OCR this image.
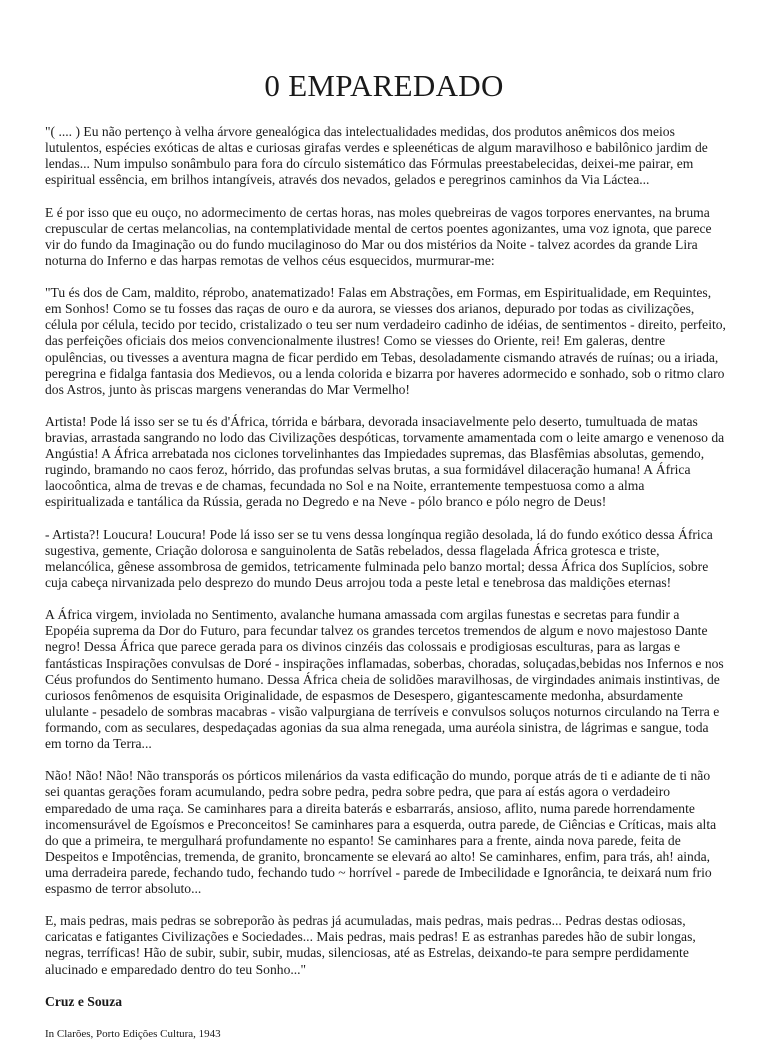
0 EMPAREDADO

"( .... ) Eu não pertenço à velha árvore genealógica das intelectualidades medidas, dos produtos anêmicos dos meios lutulentos, espécies exóticas de altas e curiosas girafas verdes e spleenéticas de algum maravilhoso e babilônico jardim de lendas... Num impulso sonâmbulo para fora do círculo sistemático das Fórmulas preestabelecidas, deixei-me pairar, em espiritual essência, em brilhos intangíveis, através dos nevados, gelados e peregrinos caminhos da Via Láctea...

E é por isso que eu ouço, no adormecimento de certas horas, nas moles quebreiras de vagos torpores enervantes, na bruma crepuscular de certas melancolias, na contemplatividade mental de certos poentes agonizantes, uma voz ignota, que parece vir do fundo da Imaginação ou do fundo mucilaginoso do Mar ou dos mistérios da Noite - talvez acordes da grande Lira noturna do Inferno e das harpas remotas de velhos céus esquecidos, murmurar-me:

"Tu és dos de Cam, maldito, réprobo, anatematizado! Falas em Abstrações, em Formas, em Espiritualidade, em Requintes, em Sonhos! Como se tu fosses das raças de ouro e da aurora, se viesses dos arianos, depurado por todas as civilizações, célula por célula, tecido por tecido, cristalizado o teu ser num verdadeiro cadinho de idéias, de sentimentos - direito, perfeito, das perfeições oficiais dos meios convencionalmente ilustres! Como se viesses do Oriente, rei! Em galeras, dentre opulências, ou tivesses a aventura magna de ficar perdido em Tebas, desoladamente cismando através de ruínas; ou a iriada, peregrina e fidalga fantasia dos Medievos, ou a lenda colorida e bizarra por haveres adormecido e sonhado, sob o ritmo claro dos Astros, junto às priscas margens venerandas do Mar Vermelho!

Artista! Pode lá isso ser se tu és d'África, tórrida e bárbara, devorada insaciavelmente pelo deserto, tumultuada de matas bravias, arrastada sangrando no lodo das Civilizações despóticas, torvamente amamentada com o leite amargo e venenoso da Angústia! A África arrebatada nos ciclones torvelinhantes das Impiedades supremas, das Blasfêmias absolutas, gemendo, rugindo, bramando no caos feroz, hórrido, das profundas selvas brutas, a sua formidável dilaceração humana! A África laocoôntica, alma de trevas e de chamas, fecundada no Sol e na Noite, errantemente tempestuosa como a alma espiritualizada e tantálica da Rússia, gerada no Degredo e na Neve - pólo branco e pólo negro de Deus!

- Artista?! Loucura! Loucura! Pode lá isso ser se tu vens dessa longínqua região desolada, lá do fundo exótico dessa África sugestiva, gemente, Criação dolorosa e sanguinolenta de Satãs rebelados, dessa flagelada África grotesca e triste, melancólica, gênese assombrosa de gemidos, tetricamente fulminada pelo banzo mortal; dessa África dos Suplícios, sobre cuja cabeça nirvanizada pelo desprezo do mundo Deus arrojou toda a peste letal e tenebrosa das maldições eternas!

A África virgem, inviolada no Sentimento, avalanche humana amassada com argilas funestas e secretas para fundir a Epopéia suprema da Dor do Futuro, para fecundar talvez os grandes tercetos tremendos de algum e novo majestoso Dante negro! Dessa África que parece gerada para os divinos cinzéis das colossais e prodigiosas esculturas, para as largas e fantásticas Inspirações convulsas de Doré - inspirações inflamadas, soberbas, choradas, soluçadas,bebidas nos Infernos e nos Céus profundos do Sentimento humano. Dessa África cheia de solidões maravilhosas, de virgindades animais instintivas, de curiosos fenômenos de esquisita Originalidade, de espasmos de Desespero, gigantescamente medonha, absurdamente ululante - pesadelo de sombras macabras - visão valpurgiana de terríveis e convulsos soluços noturnos circulando na Terra e formando, com as seculares, despedaçadas agonias da sua alma renegada, uma auréola sinistra, de lágrimas e sangue, toda em torno da Terra...

Não! Não! Não! Não transporás os pórticos milenários da vasta edificação do mundo, porque atrás de ti e adiante de ti não sei quantas gerações foram acumulando, pedra sobre pedra, pedra sobre pedra, que para aí estás agora o verdadeiro emparedado de uma raça. Se caminhares para a direita baterás e esbarrarás, ansioso, aflito, numa parede horrendamente incomensurável de Egoísmos e Preconceitos! Se caminhares para a esquerda, outra parede, de Ciências e Críticas, mais alta do que a primeira, te mergulhará profundamente no espanto! Se caminhares para a frente, ainda nova parede, feita de Despeitos e Impotências, tremenda, de granito, broncamente se elevará ao alto! Se caminhares, enfim, para trás, ah! ainda, uma derradeira parede, fechando tudo, fechando tudo ~ horrível - parede de Imbecilidade e Ignorância, te deixará num frio espasmo de terror absoluto...

E, mais pedras, mais pedras se sobreporão às pedras já acumuladas, mais pedras, mais pedras... Pedras destas odiosas, caricatas e fatigantes Civilizações e Sociedades... Mais pedras, mais pedras! E as estranhas paredes hão de subir longas, negras, terríficas! Hão de subir, subir, subir, mudas, silenciosas, até as Estrelas, deixando-te para sempre perdidamente alucinado e emparedado dentro do teu Sonho..."

Cruz e Souza

In Clarões, Porto Edições Cultura, 1943
